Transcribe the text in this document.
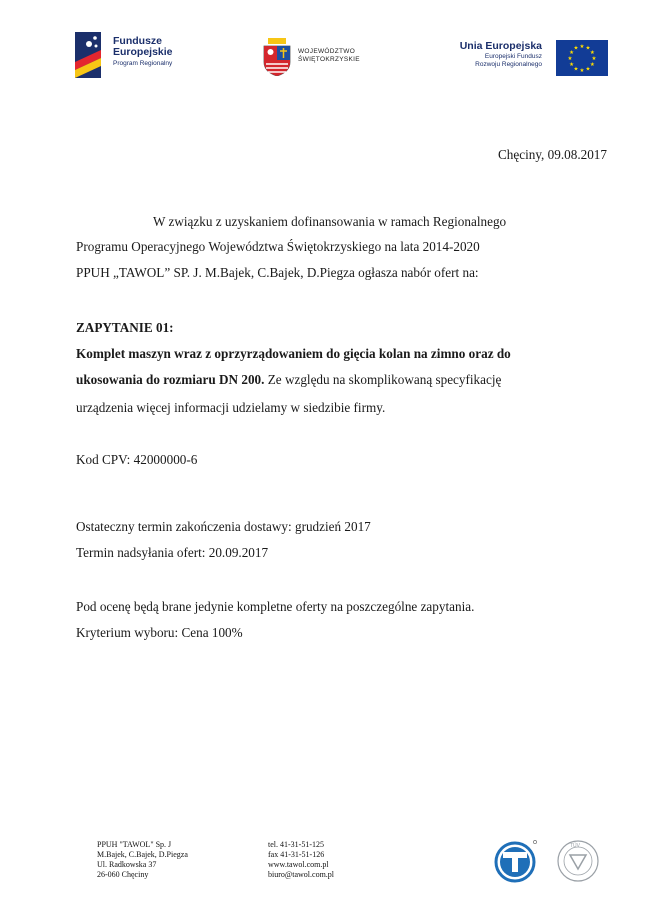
Fundusze
Europejskie
Program Regionalny
WOJEWÓDZTWO
ŚWIĘTOKRZYSKIE
Unia Europejska
Europejski Fundusz
Rozwoju Regionalnego
★ ★
★
★
★
★
★
★
★
★
★
★
Chęciny, 09.08.2017
W związku z uzyskaniem dofinansowania w ramach Regionalnego
Programu Operacyjnego Województwa Świętokrzyskiego na lata 2014-2020
PPUH „TAWOL” SP. J. M.Bajek, C.Bajek, D.Piegza ogłasza nabór ofert na:
ZAPYTANIE 01:
Komplet maszyn wraz z oprzyrządowaniem do gięcia kolan na zimno oraz do
ukosowania do rozmiaru DN 200. Ze względu na skomplikowaną specyfikację
urządzenia więcej informacji udzielamy w siedzibie firmy.
Kod CPV: 42000000-6
Ostateczny termin zakończenia dostawy: grudzień 2017
Termin nadsyłania ofert: 20.09.2017
Pod ocenę będą brane jedynie kompletne oferty na poszczególne zapytania.
Kryterium wyboru: Cena 100%
PPUH "TAWOL" Sp. J
M.Bajek, C.Bajek, D.Piegza
Ul. Radkowska 37
26-060 Chęciny
tel. 41-31-51-125
fax 41-31-51-126
www.tawol.com.pl
biuro@tawol.com.pl
TÜV
